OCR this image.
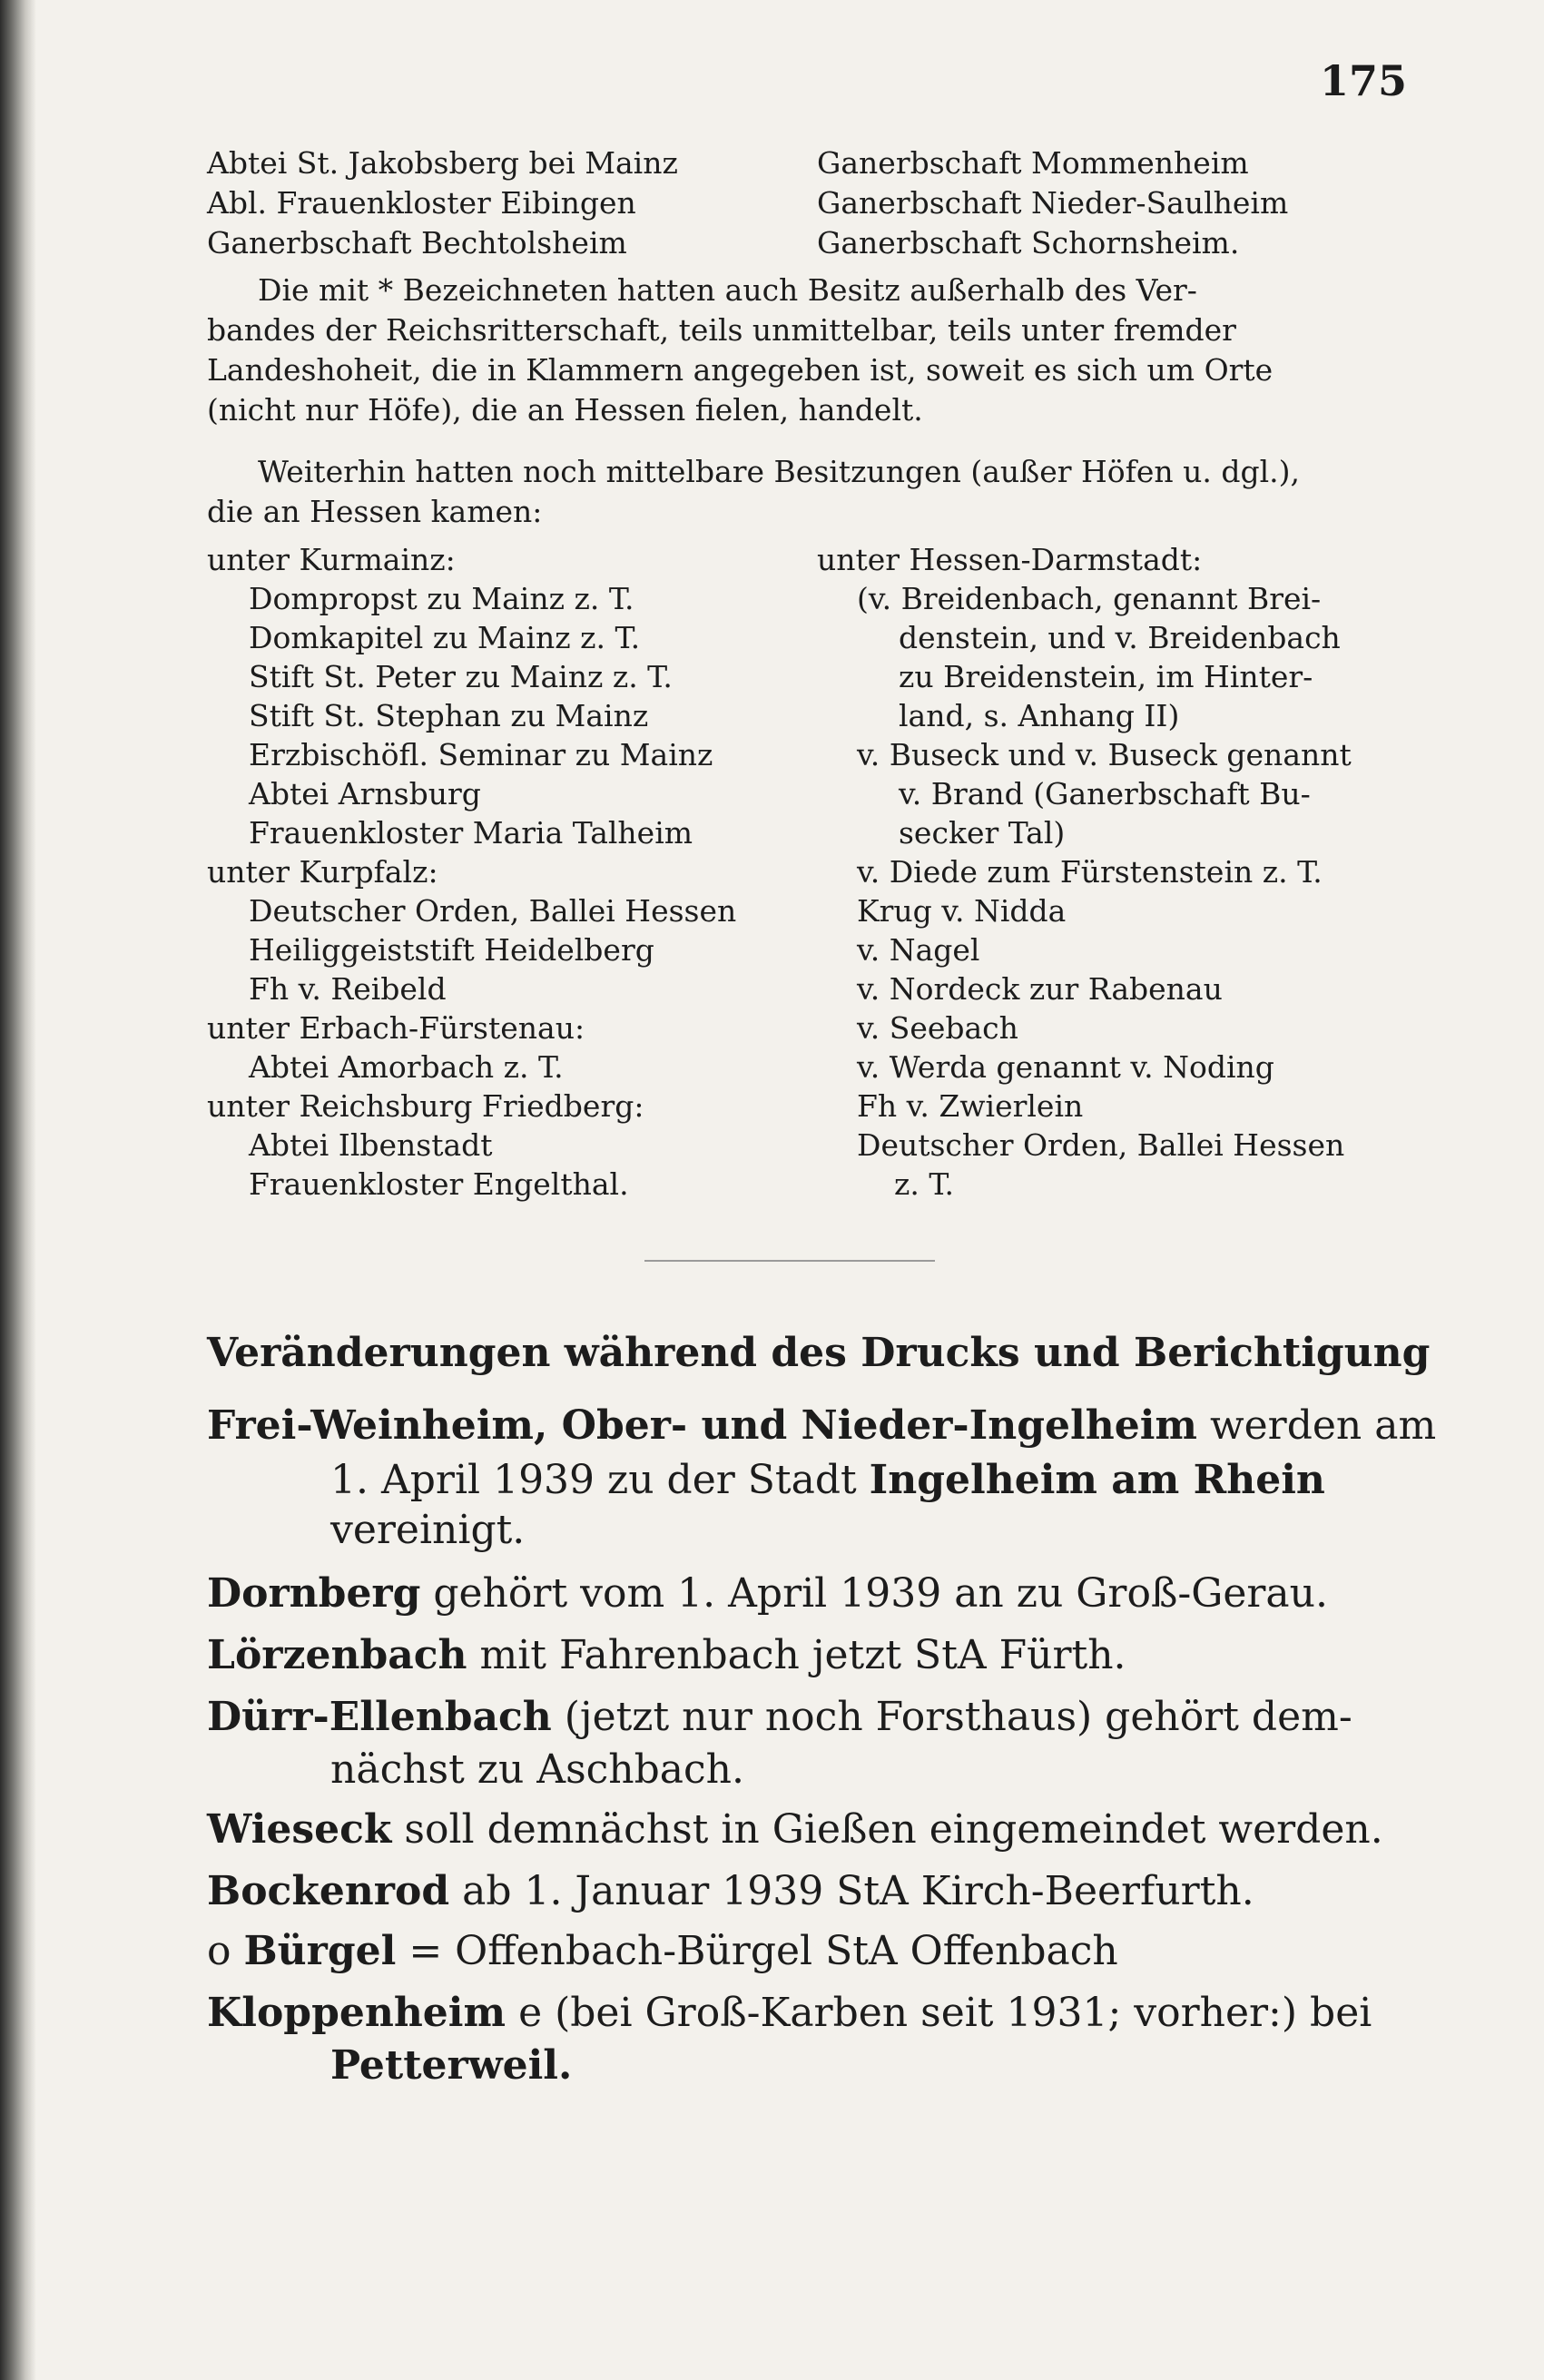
175
Abtei St. Jakobsberg bei Mainz	Ganerbschaft Mommenheim
Abl. Frauenkloster Eibingen	Ganerbschaft Nieder-Saulheim
Ganerbschaft Bechtolsheim	Ganerbschaft Schornsheim.
Die mit * Bezeichneten hatten auch Besitz außerhalb des Ver-
bandes der Reichsritterschaft, teils unmittelbar, teils unter fremder
Landeshoheit, die in Klammern angegeben ist, soweit es sich um Orte
(nicht nur Höfe), die an Hessen fielen, handelt.
Weiterhin hatten noch mittelbare Besitzungen (außer Höfen u. dgl.),
die an Hessen kamen:
unter Kurmainz:
Dompropst zu Mainz z. T.
Domkapitel zu Mainz z. T.
Stift St. Peter zu Mainz z. T.
Stift St. Stephan zu Mainz
Erzbischöfl. Seminar zu Mainz
Abtei Arnsburg
Frauenkloster Maria Talheim
unter Kurpfalz:
Deutscher Orden, Ballei Hessen
Heiliggeiststift Heidelberg
Fh v. Reibeld
unter Erbach-Fürstenau:
Abtei Amorbach z. T.
unter Reichsburg Friedberg:
Abtei Ilbenstadt
Frauenkloster Engelthal.
unter Hessen-Darmstadt:
(v. Breidenbach, genannt Brei-
denstein, und v. Breidenbach
zu Breidenstein, im Hinter-
land, s. Anhang II)
v. Buseck und v. Buseck genannt
v. Brand (Ganerbschaft Bu-
secker Tal)
v. Diede zum Fürstenstein z. T.
Krug v. Nidda
v. Nagel
v. Nordeck zur Rabenau
v. Seebach
v. Werda genannt v. Noding
Fh v. Zwierlein
Deutscher Orden, Ballei Hessen
z. T.
Veränderungen während des Drucks und Berichtigung
Frei-Weinheim, Ober- und Nieder-Ingelheim werden am
1. April 1939 zu der Stadt Ingelheim am Rhein
vereinigt.
Dornberg gehört vom 1. April 1939 an zu Groß-Gerau.
Lörzenbach mit Fahrenbach jetzt StA Fürth.
Dürr-Ellenbach (jetzt nur noch Forsthaus) gehört dem-
nächst zu Aschbach.
Wieseck soll demnächst in Gießen eingemeindet werden.
Bockenrod ab 1. Januar 1939 StA Kirch-Beerfurth.
o Bürgel = Offenbach-Bürgel StA Offenbach
Kloppenheim e (bei Groß-Karben seit 1931; vorher:) bei
Petterweil.
